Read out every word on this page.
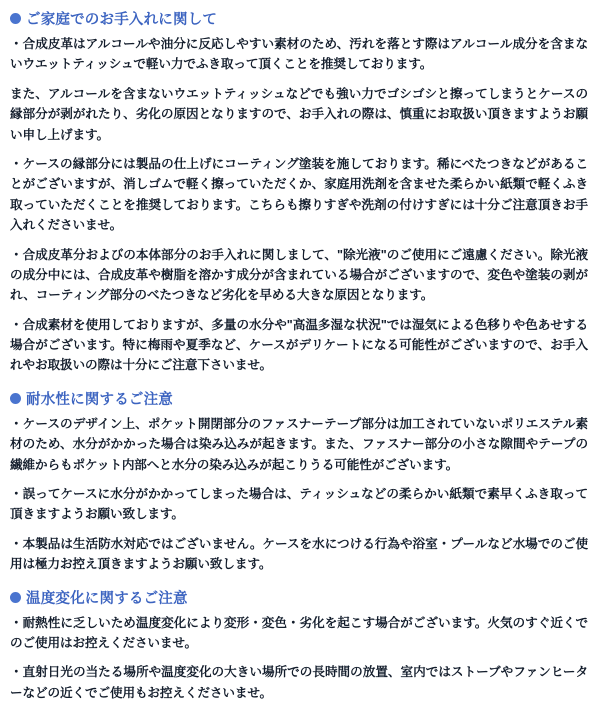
ご家庭でのお手入れに関して

・合成皮革はアルコールや油分に反応しやすい素材のため、汚れを落とす際はアルコール成分を含まないウエットティッシュで軽い力でふき取って頂くことを推奨しております。

また、アルコールを含まないウエットティッシュなどでも強い力でゴシゴシと擦ってしまうとケースの縁部分が剥がれたり、劣化の原因となりますので、お手入れの際は、慎重にお取扱い頂きますようお願い申し上げます。

・ケースの縁部分には製品の仕上げにコーティング塗装を施しております。稀にべたつきなどがあることがございますが、消しゴムで軽く擦っていただくか、家庭用洗剤を含ませた柔らかい紙類で軽くふき取っていただくことを推奨しております。こちらも擦りすぎや洗剤の付けすぎには十分ご注意頂きお手入れくださいませ。

・合成皮革分およびの本体部分のお手入れに関しまして、"除光液"のご使用にご遠慮ください。除光液の成分中には、合成皮革や樹脂を溶かす成分が含まれている場合がございますので、変色や塗装の剥がれ、コーティング部分のべたつきなど劣化を早める大きな原因となります。

・合成素材を使用しておりますが、多量の水分や"高温多湿な状況"では湿気による色移りや色あせする場合がございます。特に梅雨や夏季など、ケースがデリケートになる可能性がございますので、お手入れやお取扱いの際は十分にご注意下さいませ。

耐水性に関するご注意

・ケースのデザイン上、ポケット開閉部分のファスナーテープ部分は加工されていないポリエステル素材のため、水分がかかった場合は染み込みが起きます。また、ファスナー部分の小さな隙間やテープの繊維からもポケット内部へと水分の染み込みが起こりうる可能性がございます。

・誤ってケースに水分がかかってしまった場合は、ティッシュなどの柔らかい紙類で素早くふき取って頂きますようお願い致します。

・本製品は生活防水対応ではございません。ケースを水につける行為や浴室・プールなど水場でのご使用は極力お控え頂きますようお願い致します。

温度変化に関するご注意

・耐熱性に乏しいため温度変化により変形・変色・劣化を起こす場合がございます。火気のすぐ近くでのご使用はお控えくださいませ。

・直射日光の当たる場所や温度変化の大きい場所での長時間の放置、室内ではストーブやファンヒーターなどの近くでご使用もお控えくださいませ。
